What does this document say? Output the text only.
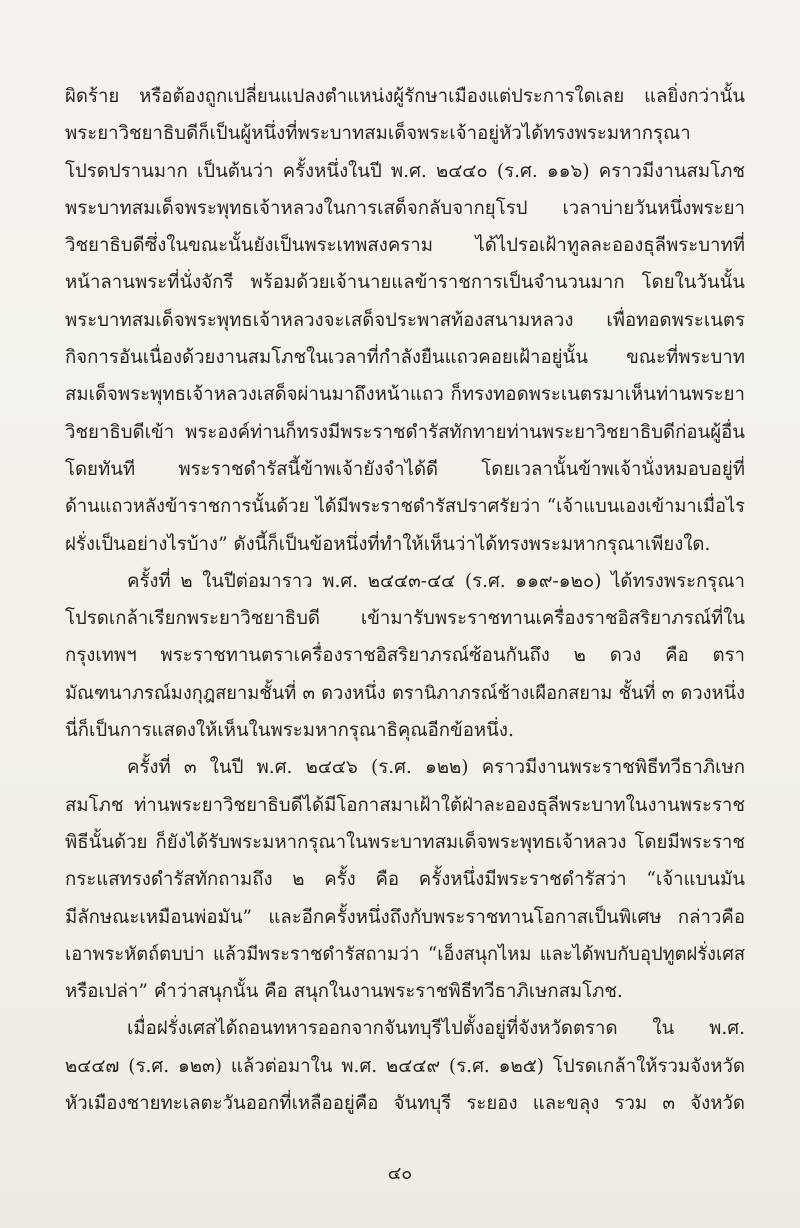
ผิดร้าย หรือต้องถูกเปลี่ยนแปลงตำแหน่งผู้รักษาเมืองแต่ประการใดเลย แลยิ่งกว่านั้น
พระยาวิชยาธิบดีก็เป็นผู้หนึ่งที่พระบาทสมเด็จพระเจ้าอยู่หัวได้ทรงพระมหากรุณา
โปรดปรานมาก เป็นต้นว่า ครั้งหนึ่งในปี พ.ศ. ๒๔๔๐ (ร.ศ. ๑๑๖) คราวมีงานสมโภช
พระบาทสมเด็จพระพุทธเจ้าหลวงในการเสด็จกลับจากยุโรป เวลาบ่ายวันหนึ่งพระยา
วิชยาธิบดีซึ่งในขณะนั้นยังเป็นพระเทพสงคราม ได้ไปรอเฝ้าทูลละอองธุลีพระบาทที่
หน้าลานพระที่นั่งจักรี พร้อมด้วยเจ้านายแลข้าราชการเป็นจำนวนมาก โดยในวันนั้น
พระบาทสมเด็จพระพุทธเจ้าหลวงจะเสด็จประพาสท้องสนามหลวง เพื่อทอดพระเนตร
กิจการอันเนื่องด้วยงานสมโภชในเวลาที่กำลังยืนแถวคอยเฝ้าอยู่นั้น ขณะที่พระบาท
สมเด็จพระพุทธเจ้าหลวงเสด็จผ่านมาถึงหน้าแถว ก็ทรงทอดพระเนตรมาเห็นท่านพระยา
วิชยาธิบดีเข้า พระองค์ท่านก็ทรงมีพระราชดำรัสทักทายท่านพระยาวิชยาธิบดีก่อนผู้อื่น
โดยทันที พระราชดำรัสนี้ข้าพเจ้ายังจำได้ดี โดยเวลานั้นข้าพเจ้านั่งหมอบอยู่ที่
ด้านแถวหลังข้าราชการนั้นด้วย ได้มีพระราชดำรัสปราศรัยว่า “เจ้าแบนเองเข้ามาเมื่อไร
ฝรั่งเป็นอย่างไรบ้าง” ดังนี้ก็เป็นข้อหนึ่งที่ทำให้เห็นว่าได้ทรงพระมหากรุณาเพียงใด.
ครั้งที่ ๒ ในปีต่อมาราว พ.ศ. ๒๔๔๓-๔๔ (ร.ศ. ๑๑๙-๑๒๐) ได้ทรงพระกรุณา
โปรดเกล้าเรียกพระยาวิชยาธิบดี เข้ามารับพระราชทานเครื่องราชอิสริยาภรณ์ที่ใน
กรุงเทพฯ พระราชทานตราเครื่องราชอิสริยาภรณ์ซ้อนกันถึง ๒ ดวง คือ ตรา
มัณฑนาภรณ์มงกุฎสยามชั้นที่ ๓ ดวงหนึ่ง ตรานิภาภรณ์ช้างเผือกสยาม ชั้นที่ ๓ ดวงหนึ่ง
นี่ก็เป็นการแสดงให้เห็นในพระมหากรุณาธิคุณอีกข้อหนึ่ง.
ครั้งที่ ๓ ในปี พ.ศ. ๒๔๔๖ (ร.ศ. ๑๒๒) คราวมีงานพระราชพิธีทวีธาภิเษก
สมโภช ท่านพระยาวิชยาธิบดีได้มีโอกาสมาเฝ้าใต้ฝ่าละอองธุลีพระบาทในงานพระราช
พิธีนั้นด้วย ก็ยังได้รับพระมหากรุณาในพระบาทสมเด็จพระพุทธเจ้าหลวง โดยมีพระราช
กระแสทรงดำรัสทักถามถึง ๒ ครั้ง คือ ครั้งหนึ่งมีพระราชดำรัสว่า “เจ้าแบนมัน
มีลักษณะเหมือนพ่อมัน” และอีกครั้งหนึ่งถึงกับพระราชทานโอกาสเป็นพิเศษ กล่าวคือ
เอาพระหัตถ์ตบบ่า แล้วมีพระราชดำรัสถามว่า “เอ็งสนุกไหม และได้พบกับอุปทูตฝรั่งเศส
หรือเปล่า” คำว่าสนุกนั้น คือ สนุกในงานพระราชพิธีทวีธาภิเษกสมโภช.
เมื่อฝรั่งเศสได้ถอนทหารออกจากจันทบุรีไปตั้งอยู่ที่จังหวัดตราด ใน พ.ศ.
๒๔๔๗ (ร.ศ. ๑๒๓) แล้วต่อมาใน พ.ศ. ๒๔๔๙ (ร.ศ. ๑๒๕) โปรดเกล้าให้รวมจังหวัด
หัวเมืองชายทะเลตะวันออกที่เหลืออยู่คือ จันทบุรี ระยอง และขลุง รวม ๓ จังหวัด
๔๐
